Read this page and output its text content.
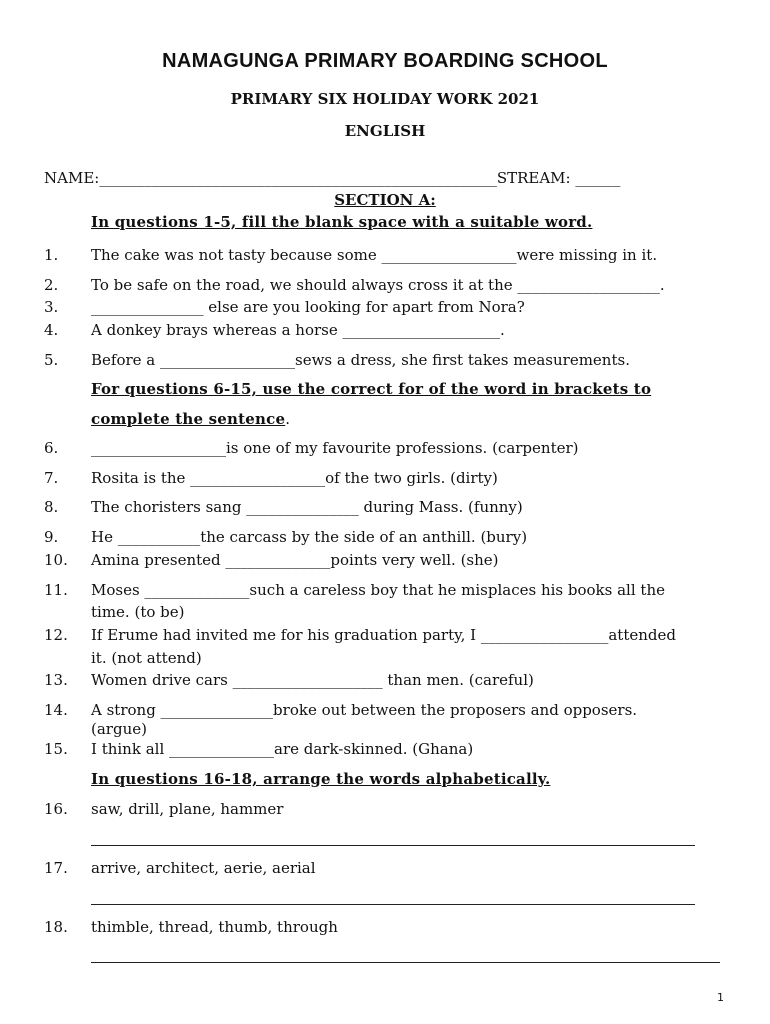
NAMAGUNGA PRIMARY BOARDING SCHOOL
PRIMARY SIX HOLIDAY WORK 2021
ENGLISH
NAME:_____________________________________________________STREAM: ______
SECTION A:
In questions 1-5, fill the blank space with a suitable word.
1. The cake was not tasty because some __________________were missing in it.
2. To be safe on the road, we should always cross it at the ___________________.
3. _______________ else are you looking for apart from Nora?
4. A donkey brays whereas a horse _____________________.
5. Before a __________________sews a dress, she first takes measurements.
For questions 6-15, use the correct for of the word in brackets to
complete the sentence.
6. __________________is one of my favourite professions. (carpenter)
7. Rosita is the __________________of the two girls. (dirty)
8. The choristers sang _______________ during Mass. (funny)
9. He ___________the carcass by the side of an anthill. (bury)
10. Amina presented ______________points very well. (she)
11. Moses ______________such a careless boy that he misplaces his books all the
time. (to be)
12. If Erume had invited me for his graduation party, I _________________attended
it. (not attend)
13. Women drive cars ____________________ than men. (careful)
14. A strong _______________broke out between the proposers and opposers.
(argue)
15. I think all ______________are dark-skinned. (Ghana)
In questions 16-18, arrange the words alphabetically.
16. saw, drill, plane, hammer
17. arrive, architect, aerie, aerial
18. thimble, thread, thumb, through
1
